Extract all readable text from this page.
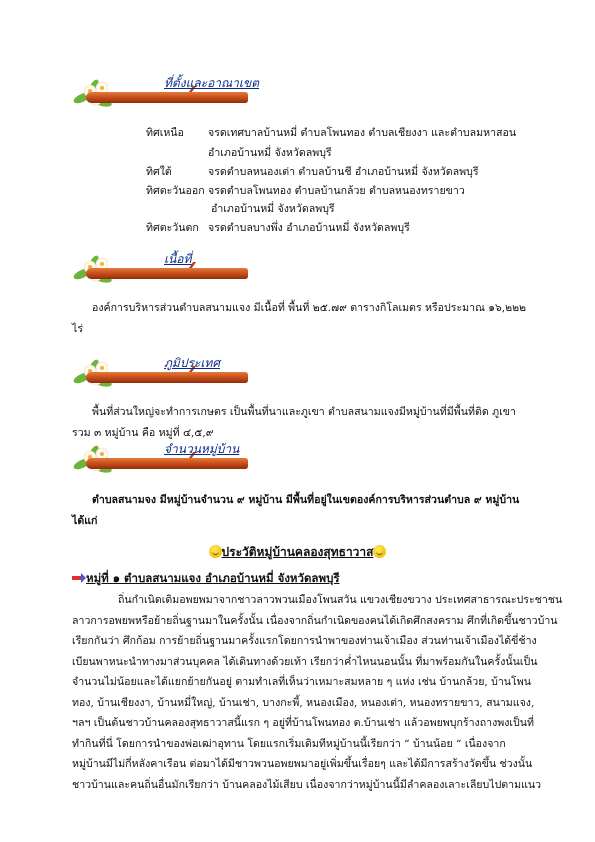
ที่ตั้งและอาณาเขต
ทิศเหนือ จรดเทศบาลบ้านหมี่ ตำบลโพนทอง ตำบลเชียงงา และตำบลมหาสอน
อำเภอบ้านหมี่ จังหวัดลพบุรี
ทิศใต้	จรดตำบลหนองเต่า ตำบลบ้านชี อำเภอบ้านหมี่ จังหวัดลพบุรี
ทิศตะวันออก จรดตำบลโพนทอง ตำบลบ้านกล้วย ตำบลหนองทรายขาว
อำเภอบ้านหมี่ จังหวัดลพบุรี
ทิศตะวันตก จรดตำบลบางพึ่ง อำเภอบ้านหมี่ จังหวัดลพบุรี
เนื้อที่
องค์การบริหารส่วนตำบลสนามแจง มีเนื้อที่ พื้นที่ ๒๕.๗๙ ตารางกิโลเมตร หรือประมาณ ๑๖,๒๒๒
ไร่
ภูมิประเทศ
พื้นที่ส่วนใหญ่จะทำการเกษตร เป็นพื้นที่นาและภูเขา ตำบลสนามแจงมีหมู่บ้านที่มีพื้นที่ติด ภูเขา
รวม ๓ หมู่บ้าน คือ หมู่ที่ ๔,๕,๙
จำนวนหมู่บ้าน
ตำบลสนามจง มีหมู่บ้านจำนวน ๙ หมู่บ้าน มีพื้นที่อยู่ในเขตองค์การบริหารส่วนตำบล ๙ หมู่บ้าน
ได้แก่
ประวัติหมู่บ้านคลองสุทธาวาส
หมู่ที่ ๑ ตำบลสนามแจง อำเภอบ้านหมี่ จังหวัดลพบุรี
ถิ่นกำเนิดเดิมอพยพมาจากชาวลาวพวนเมืองโพนสวัน แขวงเชียงขวาง ประเทศสาธารณะประชาชน
ลาวการอพยพหรือย้ายถิ่นฐานมาในครั้งนั้น เนื่องจากถิ่นกำเนิดของคนได้เกิดศึกสงคราม ศึกที่เกิดขึ้นชาวบ้าน
เรียกกันว่า ศึกก้อม การย้ายถิ่นฐานมาครั้งแรกโดยการนำพาของท่านเจ้าเมือง ส่วนท่านเจ้าเมืองได้ขี่ช้าง
เบียนพาหนะนำทางมาส่วนบุคคล ได้เดินทางด้วยเท้า เรียกว่าค่ำไหนนอนนั้น ที่มาพร้อมกันในครั้งนั้นเป็น
จำนวนไม่น้อยและได้แยกย้ายกันอยู่ ตามทำเลที่เห็นว่าเหมาะสมหลาย ๆ แห่ง เช่น บ้านกล้วย, บ้านโพน
ทอง, บ้านเชียงงา, บ้านหมี่ใหญ่, บ้านเช่า, บางกะพี้, หนองเมือง, หนองเต่า, หนองทรายขาว, สนามแจง,
ฯลฯ เป็นต้นชาวบ้านคลองสุทธาวาสนี้แรก ๆ อยู่ที่บ้านโพนทอง ต.บ้านเช่า แล้วอพยพบุกร้างถางพงเป็นที่
ทำกินที่นี่ โดยการนำของพ่อเฒ่าอุทาน โดยแรกเริ่มเดิมทีหมู่บ้านนี้เรียกว่า “ บ้านน้อย “ เนื่องจาก
หมู่บ้านมีไม่กี่หลังคาเรือน ต่อมาได้มีชาวพวนอพยพมาอยู่เพิ่มขึ้นเรื่อยๆ และได้มีการสร้างวัดขึ้น ช่วงนั้น
ชาวบ้านและคนถิ่นอื่นมักเรียกว่า บ้านคลองไม้เสียบ เนื่องจากว่าหมู่บ้านนี้มีลำคลองเลาะเลียบไปตามแนว
